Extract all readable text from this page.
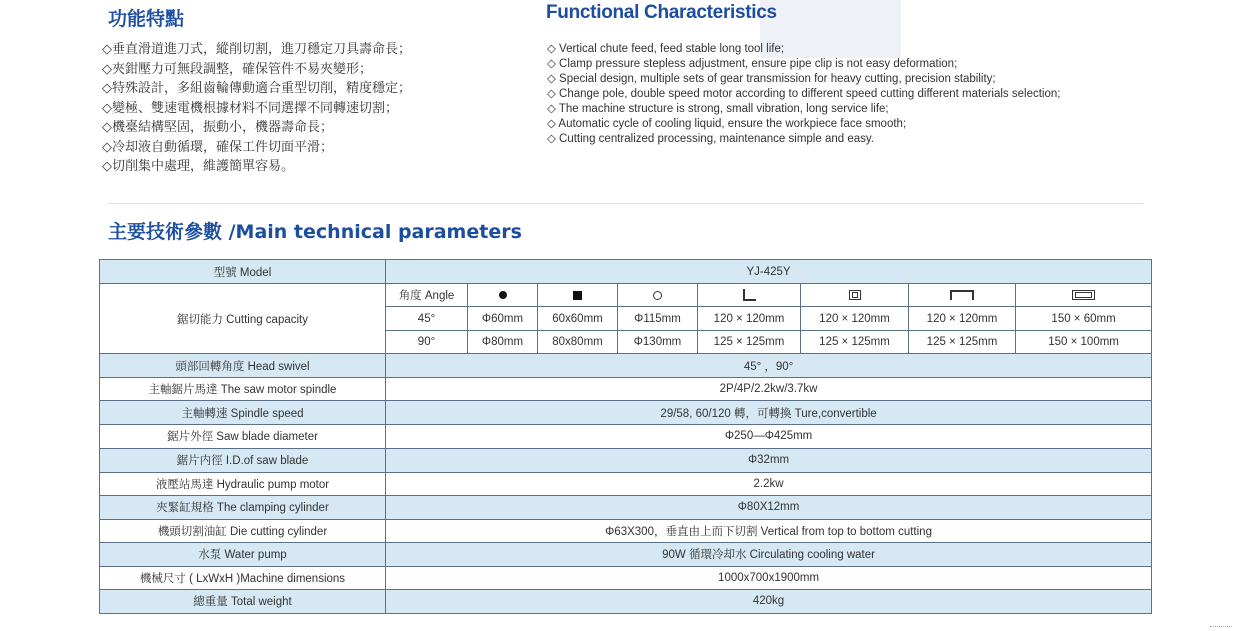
功能特點	Functional Characteristics
◇垂直滑道進刀式，縱削切割，進刀穩定刀具壽命長；
◇夾鉗壓力可無段調整，確保管件不易夾變形；
◇特殊設計，多組齒輪傳動適合重型切削，精度穩定；
◇變極、雙速電機根據材料不同選擇不同轉速切割；
◇機臺結構堅固，振動小，機器壽命長；
◇冷却液自動循環，確保工件切面平滑；
◇切削集中處理，維護簡單容易。
◇ Vertical chute feed, feed stable long tool life;
◇ Clamp pressure stepless adjustment, ensure pipe clip is not easy deformation;
◇ Special design, multiple sets of gear transmission for heavy cutting, precision stability;
◇ Change pole, double speed motor according to different speed cutting different materials selection;
◇ The machine structure is strong, small vibration, long service life;
◇ Automatic cycle of cooling liquid, ensure the workpiece face smooth;
◇ Cutting centralized processing, maintenance simple and easy.
主要技術參數 /Main technical parameters
型號 Model	YJ-425Y							
鋸切能力 Cutting capacity	角度 Angle							
	45°	Φ60mm	60x60mm	Φ115mm	120 × 120mm	120 × 120mm	120 × 120mm	150 × 60mm
	90°	Φ80mm	80x80mm	Φ130mm	125 × 125mm	125 × 125mm	125 × 125mm	150 × 100mm
頭部回轉角度 Head swivel	45° ，90°							
主軸鋸片馬達 The saw motor spindle	2P/4P/2.2kw/3.7kw							
主軸轉速 Spindle speed	29/58, 60/120 轉，可轉換 Ture,convertible							
鋸片外徑 Saw blade diameter	Φ250—Φ425mm							
鋸片内徑 I.D.of saw blade	Φ32mm							
液壓站馬達 Hydraulic pump motor	2.2kw							
夾緊缸規格 The clamping cylinder	Φ80X12mm							
機頭切割油缸 Die cutting cylinder	Φ63X300，垂直由上而下切割 Vertical from top to bottom cutting							
水泵 Water pump	90W 循環冷却水 Circulating cooling water							
機械尺寸 ( LxWxH )Machine dimensions	1000x700x1900mm							
總重量 Total weight	420kg							
